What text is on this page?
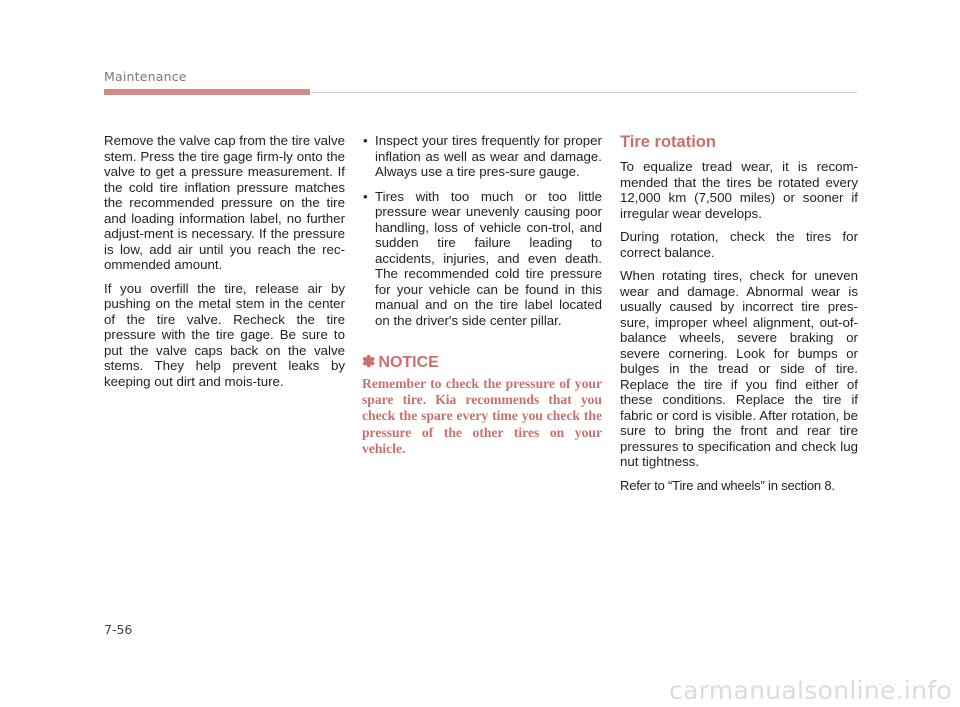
Maintenance

Remove the valve cap from the tire valve stem. Press the tire gage firm-ly onto the valve to get a pressure measurement. If the cold tire inflation pressure matches the recommended pressure on the tire and loading information label, no further adjust-ment is necessary. If the pressure is low, add air until you reach the rec-ommended amount.

If you overfill the tire, release air by pushing on the metal stem in the center of the tire valve. Recheck the tire pressure with the tire gage. Be sure to put the valve caps back on the valve stems. They help prevent leaks by keeping out dirt and mois-ture.

• Inspect your tires frequently for proper inflation as well as wear and damage. Always use a tire pres-sure gauge.
• Tires with too much or too little pressure wear unevenly causing poor handling, loss of vehicle con-trol, and sudden tire failure leading to accidents, injuries, and even death. The recommended cold tire pressure for your vehicle can be found in this manual and on the tire label located on the driver's side center pillar.
✽ NOTICE
Remember to check the pressure of your spare tire. Kia recommends that you check the spare every time you check the pressure of the other tires on your vehicle.
Tire rotation

To equalize tread wear, it is recom-mended that the tires be rotated every 12,000 km (7,500 miles) or sooner if irregular wear develops.

During rotation, check the tires for correct balance.

When rotating tires, check for uneven wear and damage. Abnormal wear is usually caused by incorrect tire pres-sure, improper wheel alignment, out-of-balance wheels, severe braking or severe cornering. Look for bumps or bulges in the tread or side of tire. Replace the tire if you find either of these conditions. Replace the tire if fabric or cord is visible. After rotation, be sure to bring the front and rear tire pressures to specification and check lug nut tightness.

Refer to “Tire and wheels” in section 8.

7-56
carmanualsonline.info
